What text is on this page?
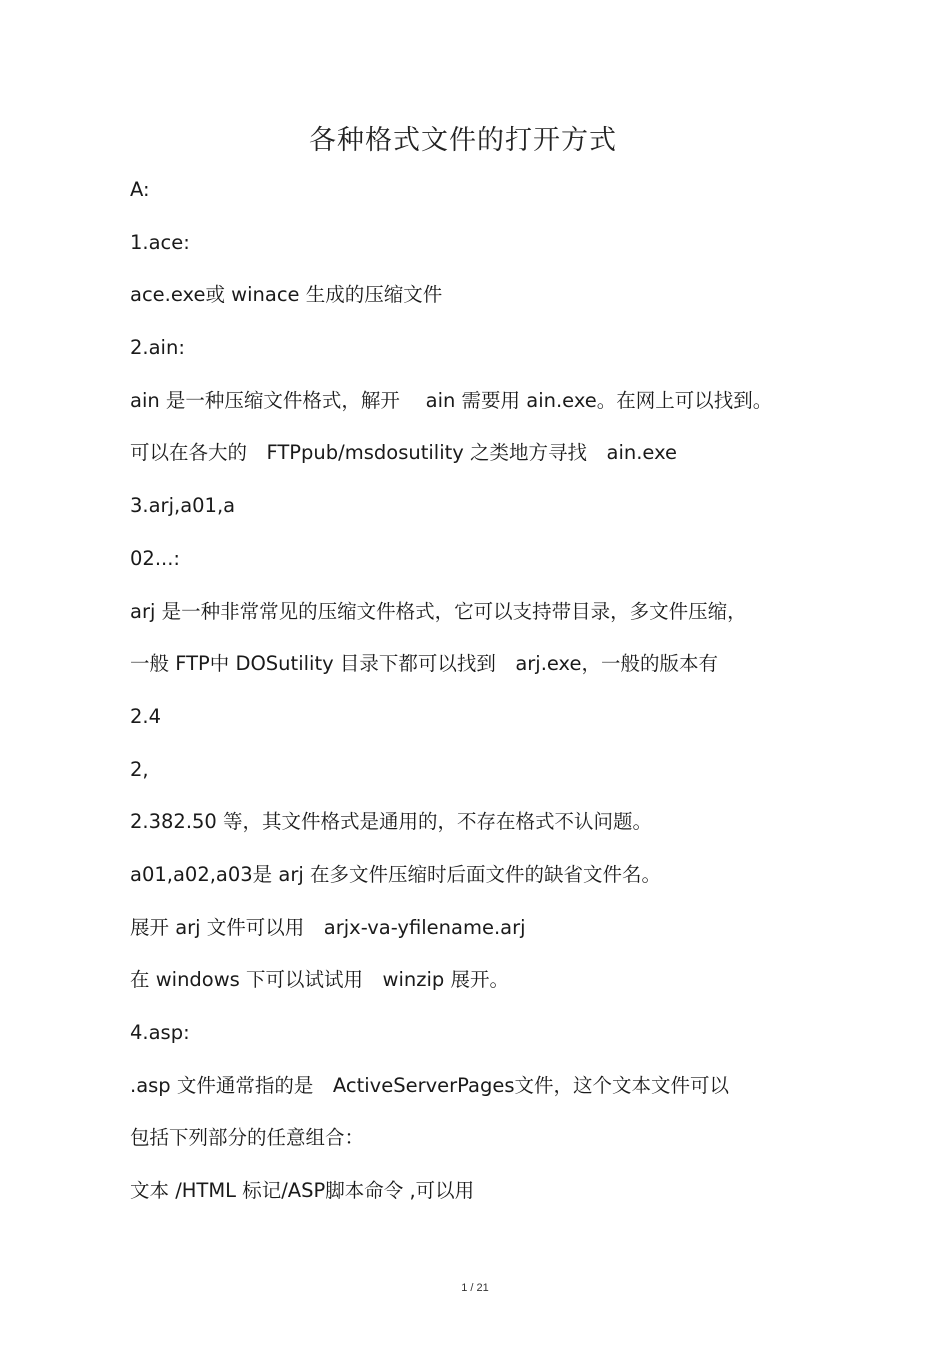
各种格式文件的打开方式
A:
1.ace:
ace.exe或 winace 生成的压缩文件
2.ain:
ain 是一种压缩文件格式，解开　 ain 需要用 ain.exe。在网上可以找到。
可以在各大的　FTPpub/msdosutility 之类地方寻找　ain.exe
3.arj,a01,a
02...:
arj 是一种非常常见的压缩文件格式，它可以支持带目录，多文件压缩，
一般 FTP中 DOSutility 目录下都可以找到　arj.exe，一般的版本有
2.4
2,
2.382.50 等，其文件格式是通用的，不存在格式不认问题。
a01,a02,a03是 arj 在多文件压缩时后面文件的缺省文件名。
展开 arj 文件可以用　arjx-va-yfilename.arj
在 windows 下可以试试用　winzip 展开。
4.asp:
.asp 文件通常指的是　ActiveServerPages文件，这个文本文件可以
包括下列部分的任意组合：
文本 /HTML 标记/ASP脚本命令 ,可以用
1 / 21
